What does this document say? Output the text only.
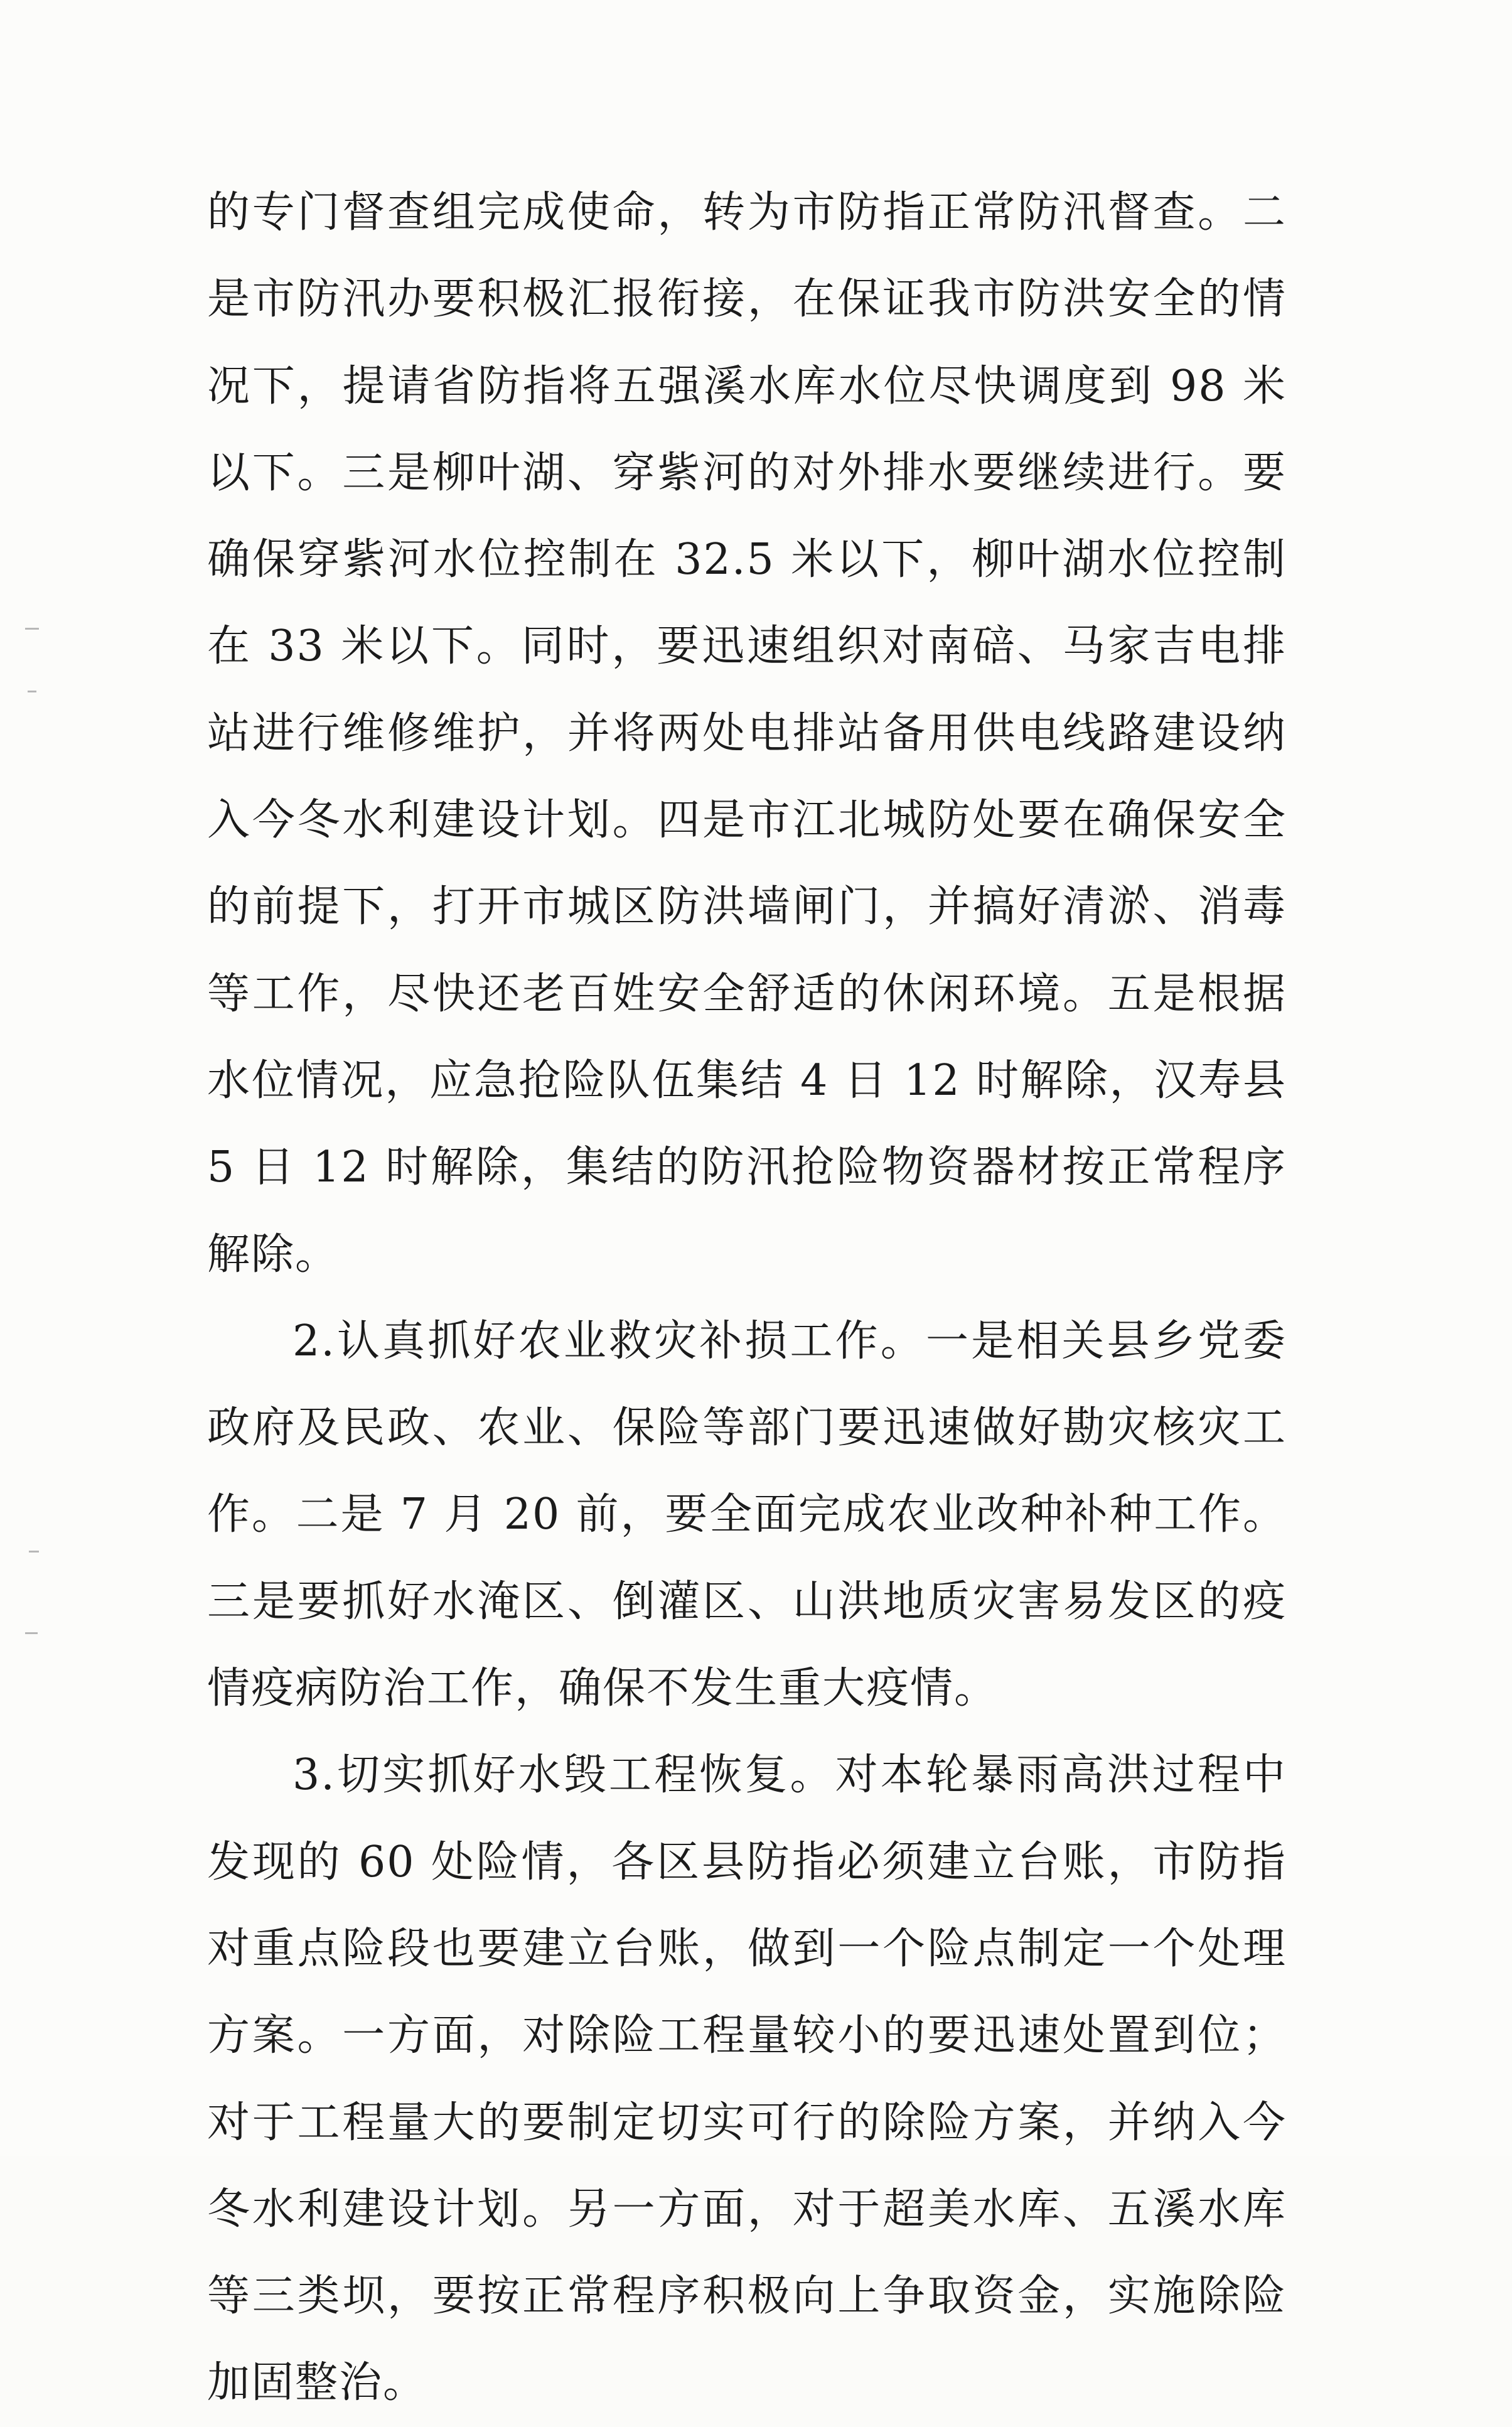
的专门督查组完成使命，转为市防指正常防汛督查。二是市防汛办要积极汇报衔接，在保证我市防洪安全的情况下，提请省防指将五强溪水库水位尽快调度到 98 米以下。三是柳叶湖、穿紫河的对外排水要继续进行。要确保穿紫河水位控制在 32.5 米以下，柳叶湖水位控制在 33 米以下。同时，要迅速组织对南碚、马家吉电排站进行维修维护，并将两处电排站备用供电线路建设纳入今冬水利建设计划。四是市江北城防处要在确保安全的前提下，打开市城区防洪墙闸门，并搞好清淤、消毒等工作，尽快还老百姓安全舒适的休闲环境。五是根据水位情况，应急抢险队伍集结 4 日 12 时解除，汉寿县 5 日 12 时解除，集结的防汛抢险物资器材按正常程序解除。

2.认真抓好农业救灾补损工作。一是相关县乡党委政府及民政、农业、保险等部门要迅速做好勘灾核灾工作。二是 7 月 20 前，要全面完成农业改种补种工作。三是要抓好水淹区、倒灌区、山洪地质灾害易发区的疫情疫病防治工作，确保不发生重大疫情。

3.切实抓好水毁工程恢复。对本轮暴雨高洪过程中发现的 60 处险情，各区县防指必须建立台账，市防指对重点险段也要建立台账，做到一个险点制定一个处理方案。一方面，对除险工程量较小的要迅速处置到位；对于工程量大的要制定切实可行的除险方案，并纳入今冬水利建设计划。另一方面，对于超美水库、五溪水库等三类坝，要按正常程序积极向上争取资金，实施除险加固整治。
